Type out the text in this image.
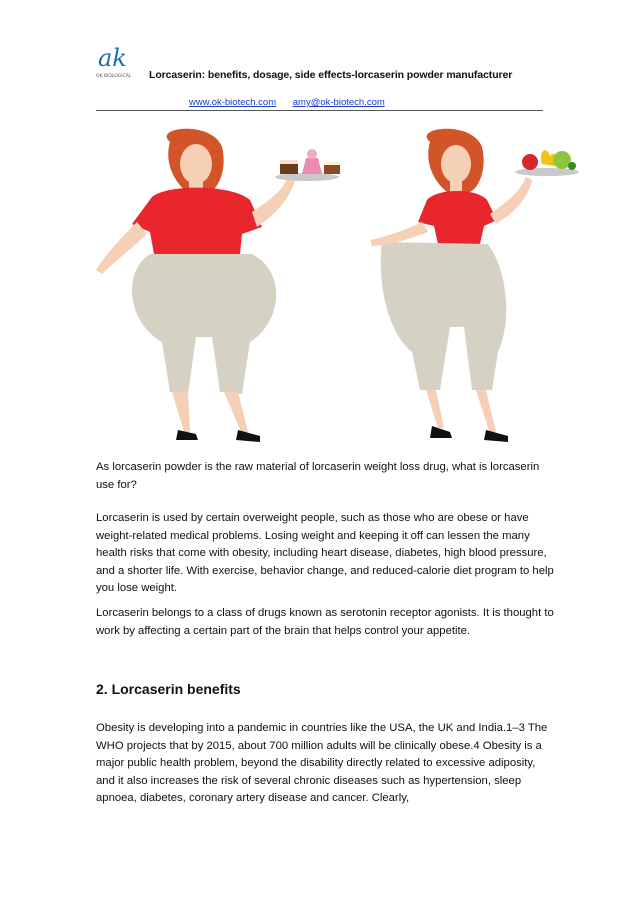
ak
OK BIOLOGICAL Lorcaserin: benefits, dosage, side effects-lorcaserin powder manufacturer
www.ok-biotech.com amy@ok-biotech.com

As lorcaserin powder is the raw material of lorcaserin weight loss drug, what is lorcaserin use for?

Lorcaserin is used by certain overweight people, such as those who are obese or have weight-related medical problems. Losing weight and keeping it off can lessen the many health risks that come with obesity, including heart disease, diabetes, high blood pressure, and a shorter life. With exercise, behavior change, and reduced-calorie diet program to help you lose weight.

Lorcaserin belongs to a class of drugs known as serotonin receptor agonists. It is thought to work by affecting a certain part of the brain that helps control your appetite.

2. Lorcaserin benefits

Obesity is developing into a pandemic in countries like the USA, the UK and India.1–3 The WHO projects that by 2015, about 700 million adults will be clinically obese.4 Obesity is a major public health problem, beyond the disability directly related to excessive adiposity, and it also increases the risk of several chronic diseases such as hypertension, sleep apnoea, diabetes, coronary artery disease and cancer. Clearly,
